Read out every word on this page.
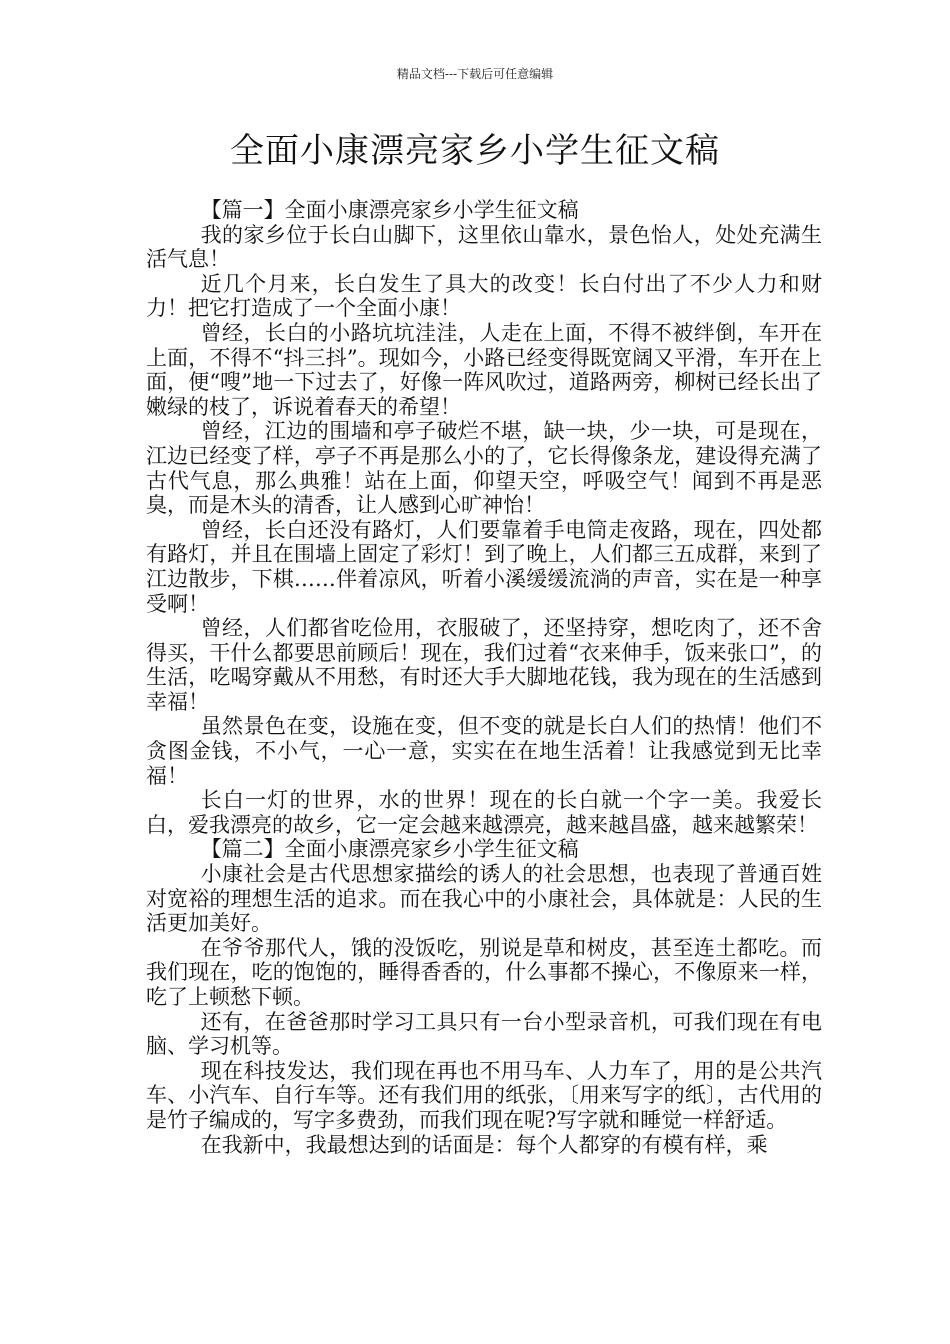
精品文档---下载后可任意编辑
全面小康漂亮家乡小学生征文稿

【篇一】全面小康漂亮家乡小学生征文稿

我的家乡位于长白山脚下，这里依山靠水，景色怡人，处处充满生活气息！

近几个月来，长白发生了具大的改变！长白付出了不少人力和财力！把它打造成了一个全面小康！

曾经，长白的小路坑坑洼洼，人走在上面，不得不被绊倒，车开在上面，不得不“抖三抖”。现如今，小路已经变得既宽阔又平滑，车开在上面，便“嗖”地一下过去了，好像一阵风吹过，道路两旁，柳树已经长出了嫩绿的枝了，诉说着春天的希望！

曾经，江边的围墙和亭子破烂不堪，缺一块，少一块，可是现在，江边已经变了样，亭子不再是那么小的了，它长得像条龙，建设得充满了古代气息，那么典雅！站在上面，仰望天空，呼吸空气！闻到不再是恶臭，而是木头的清香，让人感到心旷神怡！

曾经，长白还没有路灯，人们要靠着手电筒走夜路，现在，四处都有路灯，并且在围墙上固定了彩灯！到了晚上，人们都三五成群，来到了江边散步，下棋……伴着凉风，听着小溪缓缓流淌的声音，实在是一种享受啊！

曾经，人们都省吃俭用，衣服破了，还坚持穿，想吃肉了，还不舍得买，干什么都要思前顾后！现在，我们过着“衣来伸手，饭来张口”，的生活，吃喝穿戴从不用愁，有时还大手大脚地花钱，我为现在的生活感到幸福！

虽然景色在变，设施在变，但不变的就是长白人们的热情！他们不贪图金钱，不小气，一心一意，实实在在地生活着！让我感觉到无比幸福！

长白一灯的世界，水的世界！现在的长白就一个字一美。我爱长白，爱我漂亮的故乡，它一定会越来越漂亮，越来越昌盛，越来越繁荣！

【篇二】全面小康漂亮家乡小学生征文稿

小康社会是古代思想家描绘的诱人的社会思想，也表现了普通百姓对宽裕的理想生活的追求。而在我心中的小康社会，具体就是：人民的生活更加美好。

在爷爷那代人，饿的没饭吃，别说是草和树皮，甚至连土都吃。而我们现在，吃的饱饱的，睡得香香的，什么事都不操心，不像原来一样，吃了上顿愁下顿。

还有，在爸爸那时学习工具只有一台小型录音机，可我们现在有电脑、学习机等。

现在科技发达，我们现在再也不用马车、人力车了，用的是公共汽车、小汽车、自行车等。还有我们用的纸张，〔用来写字的纸〕，古代用的是竹子编成的，写字多费劲，而我们现在呢?写字就和睡觉一样舒适。

在我新中，我最想达到的话面是：每个人都穿的有模有样，乘
